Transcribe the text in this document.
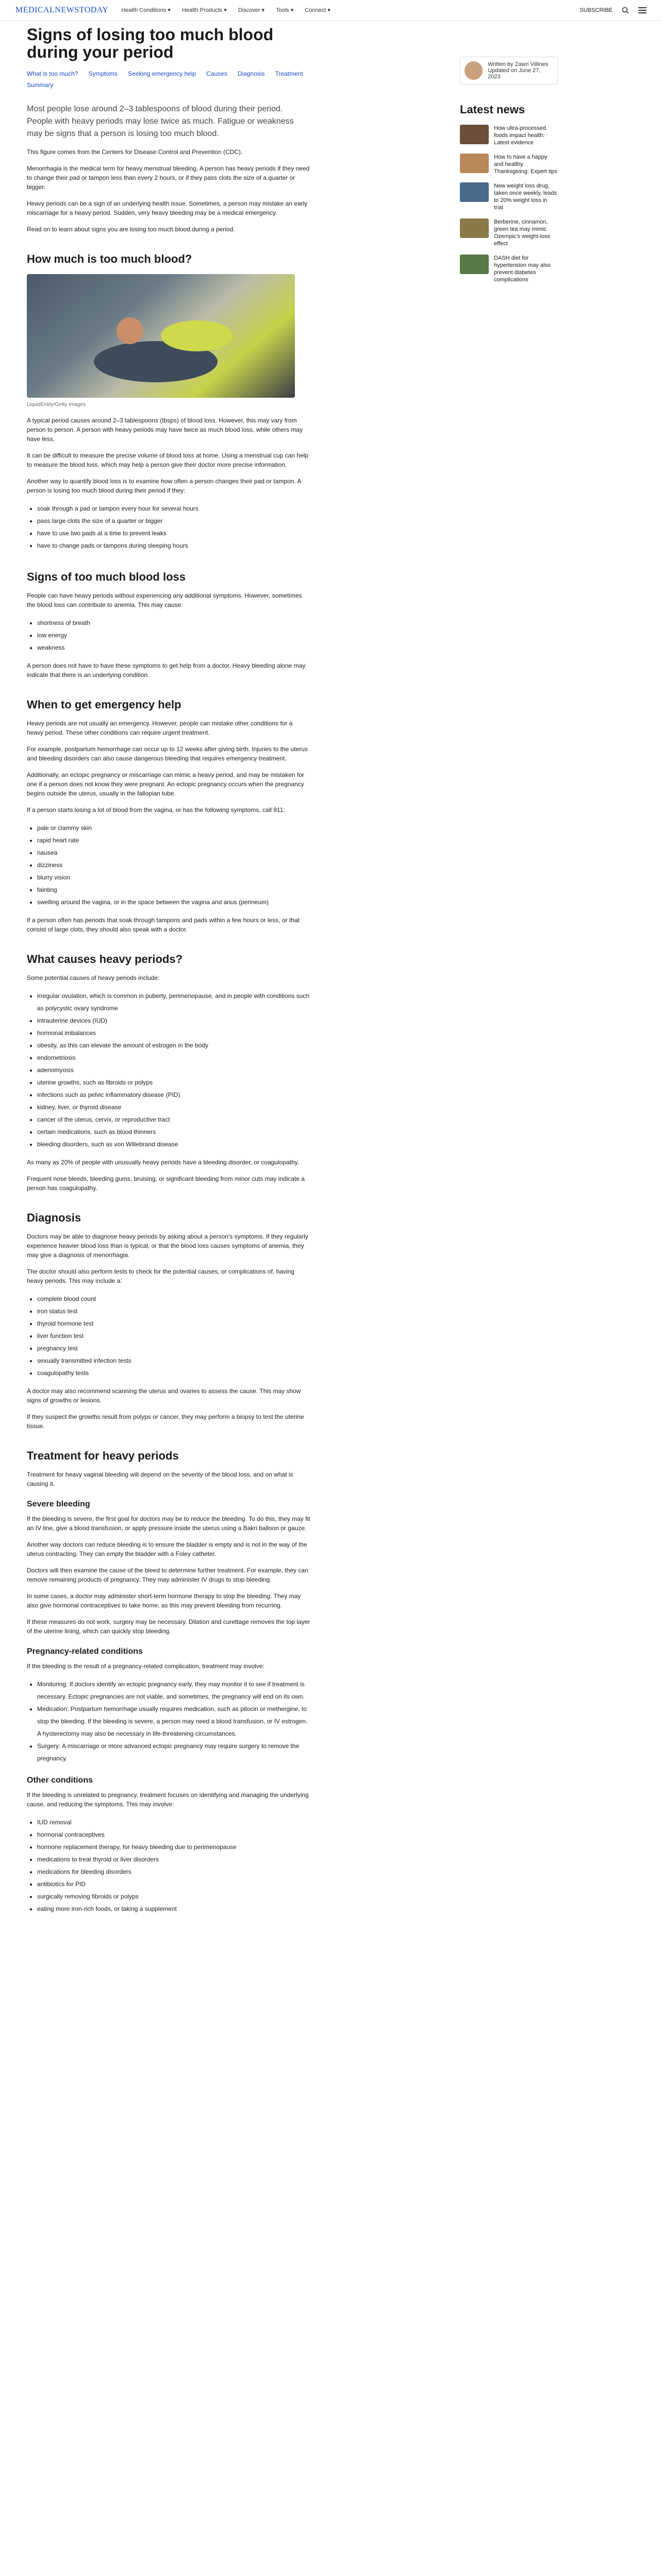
MEDICALNEWSTODAY Health Conditions ▾ Health Products ▾ Discover ▾ Tools ▾ Connect ▾	SUBSCRIBE
Signs of losing too much blood during your period
What is too much? Symptoms Seeking emergency help Causes Diagnosis Treatment
Summary

Most people lose around 2–3 tablespoons of blood during their period. People with heavy periods may lose twice as much. Fatigue or weakness may be signs that a person is losing too much blood.

This figure comes from the Centers for Disease Control and Prevention (CDC).

Menorrhagia is the medical term for heavy menstrual bleeding. A person has heavy periods if they need to change their pad or tampon less than every 2 hours, or if they pass clots the size of a quarter or bigger.

Heavy periods can be a sign of an underlying health issue. Sometimes, a person may mistake an early miscarriage for a heavy period. Sudden, very heavy bleeding may be a medical emergency.

Read on to learn about signs you are losing too much blood during a period.

How much is too much blood?
LiquidEntity/Getty Images

A typical period causes around 2–3 tablespoons (tbsps) of blood loss. However, this may vary from person to person. A person with heavy periods may have twice as much blood loss, while others may have less.

It can be difficult to measure the precise volume of blood loss at home. Using a menstrual cup can help to measure the blood loss, which may help a person give their doctor more precise information.

Another way to quantify blood loss is to examine how often a person changes their pad or tampon. A person is losing too much blood during their period if they:

• soak through a pad or tampon every hour for several hours
• pass large clots the size of a quarter or bigger
• have to use two pads at a time to prevent leaks
• have to change pads or tampons during sleeping hours
Signs of too much blood loss

People can have heavy periods without experiencing any additional symptoms. However, sometimes the blood loss can contribute to anemia. This may cause:

• shortness of breath
• low energy
• weakness

A person does not have to have these symptoms to get help from a doctor. Heavy bleeding alone may indicate that there is an underlying condition.

When to get emergency help

Heavy periods are not usually an emergency. However, people can mistake other conditions for a heavy period. These other conditions can require urgent treatment.

For example, postpartum hemorrhage can occur up to 12 weeks after giving birth. Injuries to the uterus and bleeding disorders can also cause dangerous bleeding that requires emergency treatment.

Additionally, an ectopic pregnancy or miscarriage can mimic a heavy period, and may be mistaken for one if a person does not know they were pregnant. An ectopic pregnancy occurs when the pregnancy begins outside the uterus, usually in the fallopian tube.

If a person starts losing a lot of blood from the vagina, or has the following symptoms, call 911:

• pale or clammy skin
• rapid heart rate
• nausea
• dizziness
• blurry vision
• fainting
• swelling around the vagina, or in the space between the vagina and anus (perineum)

If a person often has periods that soak through tampons and pads within a few hours or less, or that consist of large clots, they should also speak with a doctor.

What causes heavy periods?

Some potential causes of heavy periods include:

• irregular ovulation, which is common in puberty, perimenopause, and in people with conditions such as polycystic ovary syndrome
• intrauterine devices (IUD)
• hormonal imbalances
• obesity, as this can elevate the amount of estrogen in the body
• endometriosis
• adenomyosis
• uterine growths, such as fibroids or polyps
• infections such as pelvic inflammatory disease (PID)
• kidney, liver, or thyroid disease
• cancer of the uterus, cervix, or reproductive tract
• certain medications, such as blood thinners
• bleeding disorders, such as von Willebrand disease

As many as 20% of people with unusually heavy periods have a bleeding disorder, or coagulopathy.

Frequent nose bleeds, bleeding gums, bruising, or significant bleeding from minor cuts may indicate a person has coagulopathy.

Diagnosis

Doctors may be able to diagnose heavy periods by asking about a person's symptoms. If they regularly experience heavier blood loss than is typical, or that the blood loss causes symptoms of anemia, they may give a diagnosis of menorrhagia.

The doctor should also perform tests to check for the potential causes, or complications of, having heavy periods. This may include a:

• complete blood count
• iron status test
• thyroid hormone test
• liver function test
• pregnancy test
• sexually transmitted infection tests
• coagulopathy tests

A doctor may also recommend scanning the uterus and ovaries to assess the cause. This may show signs of growths or lesions.

If they suspect the growths result from polyps or cancer, they may perform a biopsy to test the uterine tissue.

Treatment for heavy periods

Treatment for heavy vaginal bleeding will depend on the severity of the blood loss, and on what is causing it.

Severe bleeding

If the bleeding is severe, the first goal for doctors may be to reduce the bleeding. To do this, they may fit an IV line, give a blood transfusion, or apply pressure inside the uterus using a Bakri balloon or gauze.

Another way doctors can reduce bleeding is to ensure the bladder is empty and is not in the way of the uterus contracting. They can empty the bladder with a Foley catheter.

Doctors will then examine the cause of the bleed to determine further treatment. For example, they can remove remaining products of pregnancy. They may administer IV drugs to stop bleeding.

In some cases, a doctor may administer short-term hormone therapy to stop the bleeding. They may also give hormonal contraceptives to take home, as this may prevent bleeding from recurring.

If these measures do not work, surgery may be necessary. Dilation and curettage removes the top layer of the uterine lining, which can quickly stop bleeding.

Pregnancy-related conditions

If the bleeding is the result of a pregnancy-related complication, treatment may involve:

• Monitoring: If doctors identify an ectopic pregnancy early, they may monitor it to see if treatment is necessary. Ectopic pregnancies are not viable, and sometimes, the pregnancy will end on its own.
• Medication: Postpartum hemorrhage usually requires medication, such as pitocin or methergine, to stop the bleeding. If the bleeding is severe, a person may need a blood transfusion, or IV estrogen. A hysterectomy may also be necessary in life-threatening circumstances.
• Surgery: A miscarriage or more advanced ectopic pregnancy may require surgery to remove the pregnancy.
Other conditions

If the bleeding is unrelated to pregnancy, treatment focuses on identifying and managing the underlying cause, and reducing the symptoms. This may involve:

• IUD removal
• hormonal contraceptives
• hormone replacement therapy, for heavy bleeding due to perimenopause
• medications to treat thyroid or liver disorders
• medications for bleeding disorders
• antibiotics for PID
• surgically removing fibroids or polyps
• eating more iron-rich foods, or taking a supplement
Written by Zawn Villines
Updated on June 27, 2023
Latest news
How ultra-processed foods impact health: Latest evidence
How to have a happy and healthy Thanksgiving: Expert tips
New weight loss drug, taken once weekly, leads to 20% weight loss in trial
Berberine, cinnamon, green tea may mimic Ozempic's weight-loss effect
DASH diet for hypertension may also prevent diabetes complications
